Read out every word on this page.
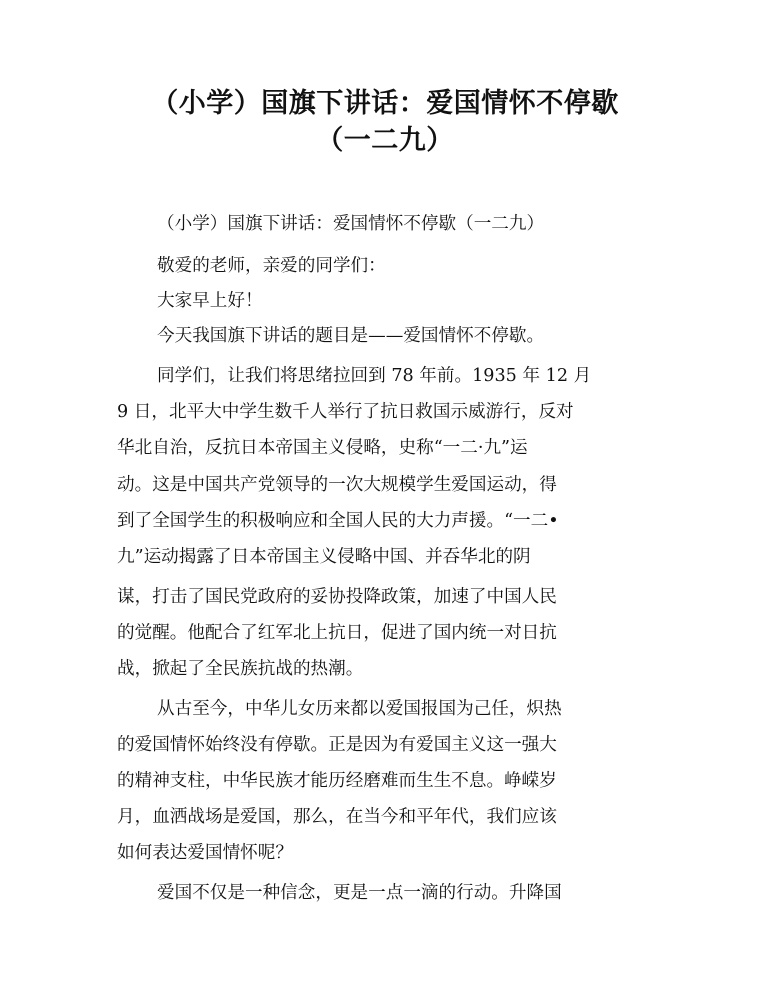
（小学）国旗下讲话：爱国情怀不停歇
（一二九）
（小学）国旗下讲话：爱国情怀不停歇（一二九）
敬爱的老师，亲爱的同学们：
大家早上好！
今天我国旗下讲话的题目是——爱国情怀不停歇。
同学们，让我们将思绪拉回到 78 年前。1935 年 12 月
9 日，北平大中学生数千人举行了抗日救国示威游行，反对
华北自治，反抗日本帝国主义侵略，史称“一二·九”运
动。这是中国共产党领导的一次大规模学生爱国运动，得
到了全国学生的积极响应和全国人民的大力声援。“一二•
九”运动揭露了日本帝国主义侵略中国、并吞华北的阴
谋，打击了国民党政府的妥协投降政策，加速了中国人民
的觉醒。他配合了红军北上抗日，促进了国内统一对日抗
战，掀起了全民族抗战的热潮。
从古至今，中华儿女历来都以爱国报国为己任，炽热
的爱国情怀始终没有停歇。正是因为有爱国主义这一强大
的精神支柱，中华民族才能历经磨难而生生不息。峥嵘岁
月，血洒战场是爱国，那么，在当今和平年代，我们应该
如何表达爱国情怀呢？
爱国不仅是一种信念，更是一点一滴的行动。升降国
